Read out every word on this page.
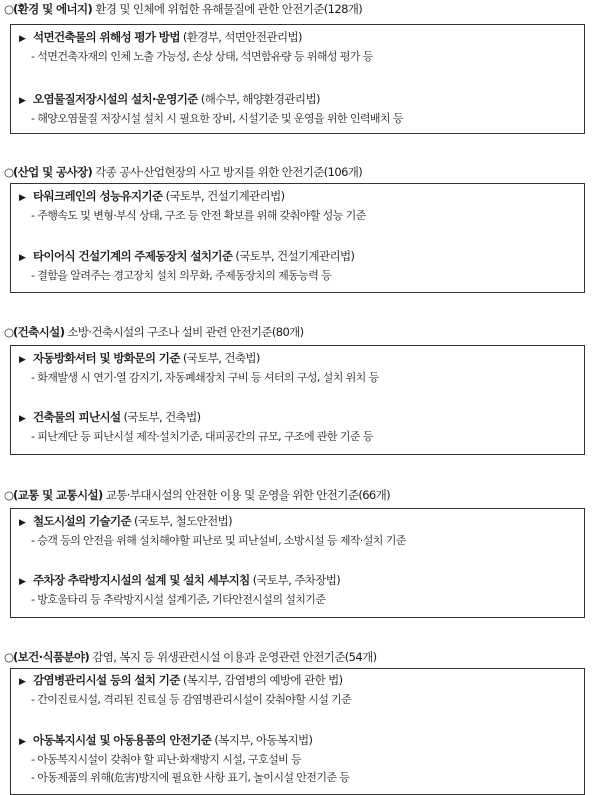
○(환경 및 에너지) 환경 및 인체에 위험한 유해물질에 관한 안전기준(128개)
▶ 석면건축물의 위해성 평가 방법 (환경부, 석면안전관리법)
- 석면건축자재의 인체 노출 가능성, 손상 상태, 석면함유량 등 위해성 평가 등
▶ 오염물질저장시설의 설치·운영기준 (해수부, 해양환경관리법)
- 해양오염물질 저장시설 설치 시 필요한 장비, 시설기준 및 운영을 위한 인력배치 등
○(산업 및 공사장) 각종 공사·산업현장의 사고 방지를 위한 안전기준(106개)
▶ 타워크레인의 성능유지기준 (국토부, 건설기계관리법)
- 주행속도 및 변형·부식 상태, 구조 등 안전 확보를 위해 갖춰야할 성능 기준
▶ 타이어식 건설기계의 주제동장치 설치기준 (국토부, 건설기계관리법)
- 결함을 알려주는 경고장치 설치 의무화, 주제동장치의 제동능력 등
○(건축시설) 소방·건축시설의 구조나 설비 관련 안전기준(80개)
▶ 자동방화셔터 및 방화문의 기준 (국토부, 건축법)
- 화재발생 시 연기·열 감지기, 자동폐쇄장치 구비 등 셔터의 구성, 설치 위치 등
▶ 건축물의 피난시설 (국토부, 건축법)
- 피난계단 등 피난시설 제작·설치기준, 대피공간의 규모, 구조에 관한 기준 등
○(교통 및 교통시설) 교통·부대시설의 안전한 이용 및 운영을 위한 안전기준(66개)
▶ 철도시설의 기술기준 (국토부, 철도안전법)
- 승객 등의 안전을 위해 설치해야할 피난로 및 피난설비, 소방시설 등 제작·설치 기준
▶ 주차장 추락방지시설의 설계 및 설치 세부지침 (국토부, 주차장법)
- 방호울타리 등 추락방지시설 설계기준, 기타안전시설의 설치기준
○(보건·식품분야) 감염, 복지 등 위생관련시설 이용과 운영관련 안전기준(54개)
▶ 감염병관리시설 등의 설치 기준 (복지부, 감염병의 예방에 관한 법)
- 간이진료시설, 격리된 진료실 등 감염병관리시설이 갖춰야할 시설 기준
▶ 아동복지시설 및 아동용품의 안전기준 (복지부, 아동복지법)
- 아동복지시설이 갖춰야 할 피난·화재방지 시설, 구호설비 등
- 아동제품의 위해(危害)방지에 필요한 사항 표기, 놀이시설 안전기준 등
